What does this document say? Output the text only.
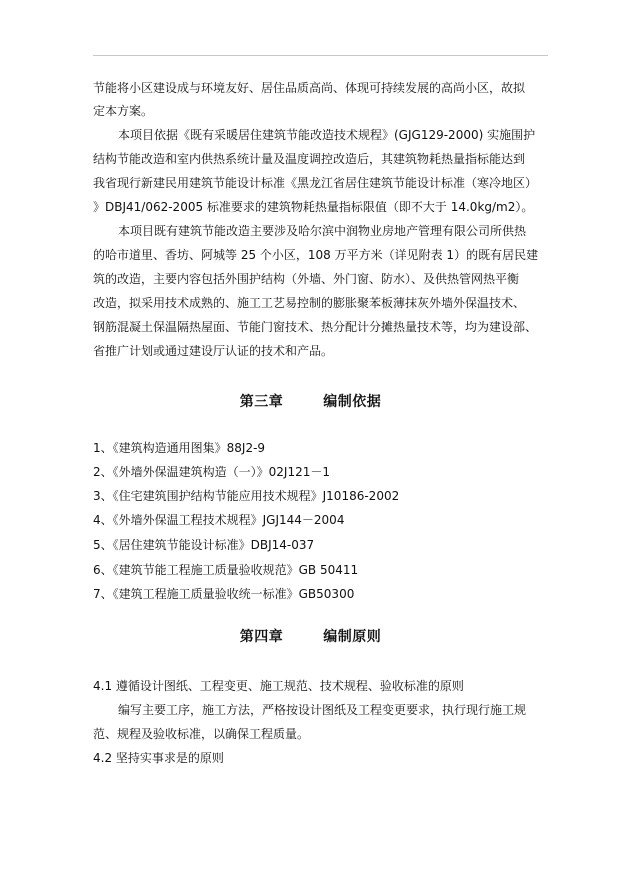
节能将小区建设成与环境友好、居住品质高尚、体现可持续发展的高尚小区，故拟
定本方案。
本项目依据《既有采暖居住建筑节能改造技术规程》(GJG129-2000) 实施围护
结构节能改造和室内供热系统计量及温度调控改造后，其建筑物耗热量指标能达到
我省现行新建民用建筑节能设计标准《黑龙江省居住建筑节能设计标准（寒冷地区）
》DBJ41/062-2005 标准要求的建筑物耗热量指标限值（即不大于 14.0kg/m2）。
本项目既有建筑节能改造主要涉及哈尔滨中润物业房地产管理有限公司所供热
的哈市道里、香坊、阿城等 25 个小区，108 万平方米（详见附表 1）的既有居民建
筑的改造，主要内容包括外围护结构（外墙、外门窗、防水）、及供热管网热平衡
改造，拟采用技术成熟的、施工工艺易控制的膨胀聚苯板薄抹灰外墙外保温技术、
钢筋混凝土保温隔热屋面、节能门窗技术、热分配计分摊热量技术等，均为建设部、
省推广计划或通过建设厅认证的技术和产品。
第三章	编制依据
1、《建筑构造通用图集》88J2-9
2、《外墙外保温建筑构造（一）》02J121－1
3、《住宅建筑围护结构节能应用技术规程》J10186-2002
4、《外墙外保温工程技术规程》JGJ144－2004
5、《居住建筑节能设计标准》DBJ14-037
6、《建筑节能工程施工质量验收规范》GB 50411
7、《建筑工程施工质量验收统一标准》GB50300
第四章	编制原则
4.1 遵循设计图纸、工程变更、施工规范、技术规程、验收标准的原则
编写主要工序，施工方法，严格按设计图纸及工程变更要求，执行现行施工规
范、规程及验收标准，以确保工程质量。
4.2 坚持实事求是的原则
